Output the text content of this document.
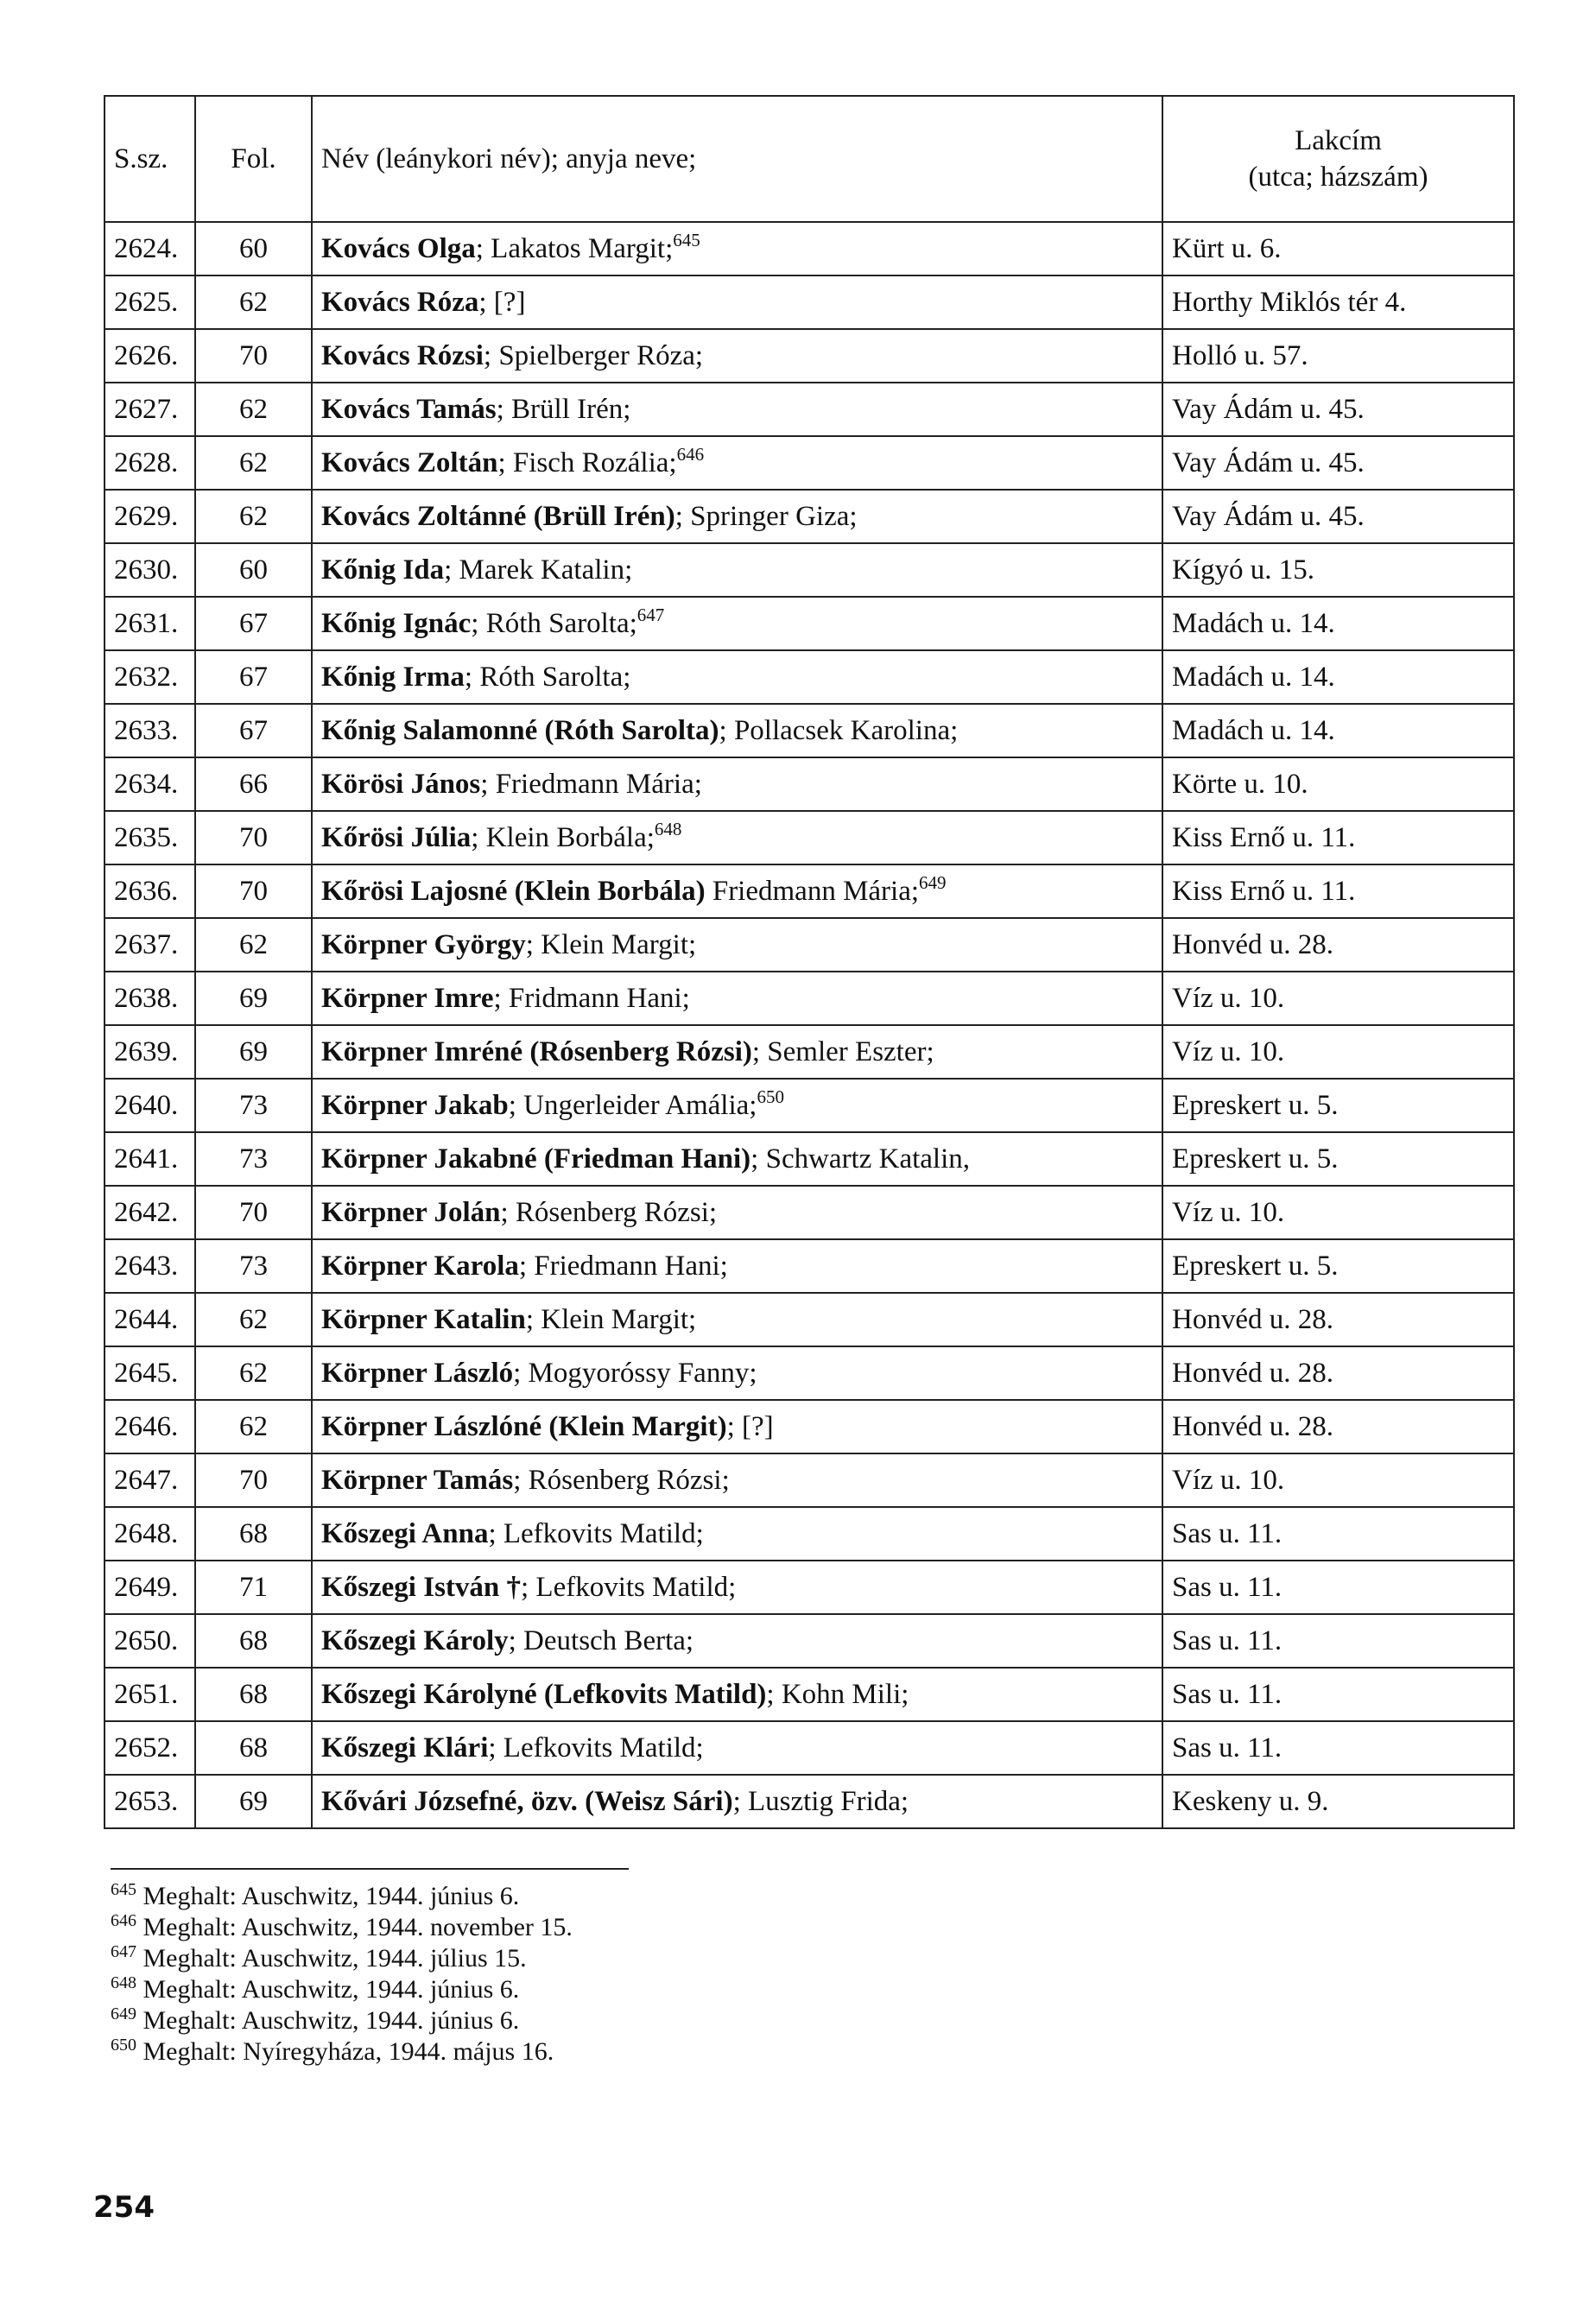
S.sz.	Fol.	Név (leánykori név); anyja neve;	Lakcím
(utca; házszám)

2624.	60	Kovács Olga; Lakatos Margit;$^{645}$	Kürt u. 6.
2625.	62	Kovács Róza; [?]	Horthy Miklós tér 4.
2626.	70	Kovács Rózsi; Spielberger Róza;	Holló u. 57.
2627.	62	Kovács Tamás; Brüll Irén;	Vay Ádám u. 45.
2628.	62	Kovács Zoltán; Fisch Rozália;$^{646}$	Vay Ádám u. 45.
2629.	62	Kovács Zoltánné (Brüll Irén); Springer Giza;	Vay Ádám u. 45.
2630.	60	Kőnig Ida; Marek Katalin;	Kígyó u. 15.
2631.	67	Kőnig Ignác; Róth Sarolta;$^{647}$	Madách u. 14.
2632.	67	Kőnig Irma; Róth Sarolta;	Madách u. 14.
2633.	67	Kőnig Salamonné (Róth Sarolta); Pollacsek Karolina;	Madách u. 14.
2634.	66	Körösi János; Friedmann Mária;	Körte u. 10.
2635.	70	Kőrösi Júlia; Klein Borbála;$^{648}$	Kiss Ernő u. 11.
2636.	70	Kőrösi Lajosné (Klein Borbála) Friedmann Mária;$^{649}$	Kiss Ernő u. 11.
2637.	62	Körpner György; Klein Margit;	Honvéd u. 28.
2638.	69	Körpner Imre; Fridmann Hani;	Víz u. 10.
2639.	69	Körpner Imréné (Rósenberg Rózsi); Semler Eszter;	Víz u. 10.
2640.	73	Körpner Jakab; Ungerleider Amália;$^{650}$	Epreskert u. 5.
2641.	73	Körpner Jakabné (Friedman Hani); Schwartz Katalin,	Epreskert u. 5.
2642.	70	Körpner Jolán; Rósenberg Rózsi;	Víz u. 10.
2643.	73	Körpner Karola; Friedmann Hani;	Epreskert u. 5.
2644.	62	Körpner Katalin; Klein Margit;	Honvéd u. 28.
2645.	62	Körpner László; Mogyoróssy Fanny;	Honvéd u. 28.
2646.	62	Körpner Lászlóné (Klein Margit); [?]	Honvéd u. 28.
2647.	70	Körpner Tamás; Rósenberg Rózsi;	Víz u. 10.
2648.	68	Kőszegi Anna; Lefkovits Matild;	Sas u. 11.
2649.	71	Kőszegi István †; Lefkovits Matild;	Sas u. 11.
2650.	68	Kőszegi Károly; Deutsch Berta;	Sas u. 11.
2651.	68	Kőszegi Károlyné (Lefkovits Matild); Kohn Mili;	Sas u. 11.
2652.	68	Kőszegi Klári; Lefkovits Matild;	Sas u. 11.
2653.	69	Kővári Józsefné, özv. (Weisz Sári); Lusztig Frida;	Keskeny u. 9.
$^{645}$ Meghalt: Auschwitz, 1944. június 6.
$^{646}$ Meghalt: Auschwitz, 1944. november 15.
$^{647}$ Meghalt: Auschwitz, 1944. július 15.
$^{648}$ Meghalt: Auschwitz, 1944. június 6.
$^{649}$ Meghalt: Auschwitz, 1944. június 6.
$^{650}$ Meghalt: Nyíregyháza, 1944. május 16.
254
